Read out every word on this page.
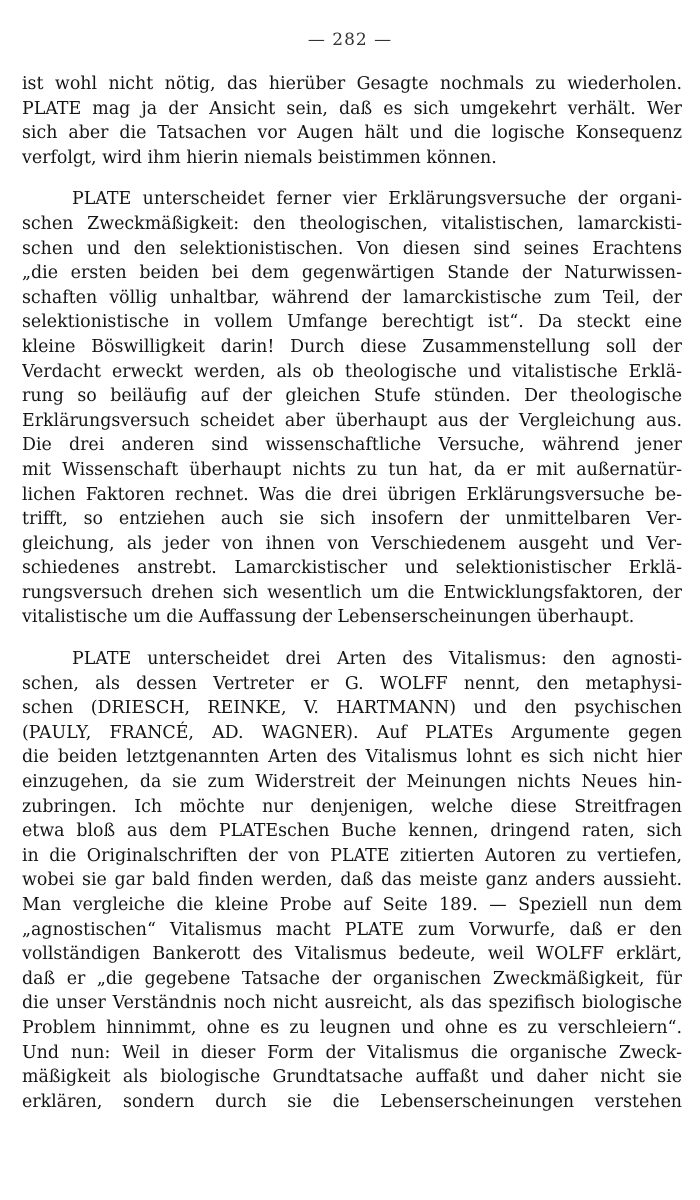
— 282 —
ist wohl nicht nötig, das hierüber Gesagte nochmals zu wiederholen.
PLATE mag ja der Ansicht sein, daß es sich umgekehrt verhält. Wer
sich aber die Tatsachen vor Augen hält und die logische Konsequenz
verfolgt, wird ihm hierin niemals beistimmen können.
PLATE unterscheidet ferner vier Erklärungsversuche der organi-
schen Zweckmäßigkeit: den theologischen, vitalistischen, lamarckisti-
schen und den selektionistischen. Von diesen sind seines Erachtens
„die ersten beiden bei dem gegenwärtigen Stande der Naturwissen-
schaften völlig unhaltbar, während der lamarckistische zum Teil, der
selektionistische in vollem Umfange berechtigt ist“. Da steckt eine
kleine Böswilligkeit darin! Durch diese Zusammenstellung soll der
Verdacht erweckt werden, als ob theologische und vitalistische Erklä-
rung so beiläufig auf der gleichen Stufe stünden. Der theologische
Erklärungsversuch scheidet aber überhaupt aus der Vergleichung aus.
Die drei anderen sind wissenschaftliche Versuche, während jener
mit Wissenschaft überhaupt nichts zu tun hat, da er mit außernatür-
lichen Faktoren rechnet. Was die drei übrigen Erklärungsversuche be-
trifft, so entziehen auch sie sich insofern der unmittelbaren Ver-
gleichung, als jeder von ihnen von Verschiedenem ausgeht und Ver-
schiedenes anstrebt. Lamarckistischer und selektionistischer Erklä-
rungsversuch drehen sich wesentlich um die Entwicklungsfaktoren, der
vitalistische um die Auffassung der Lebenserscheinungen überhaupt.
PLATE unterscheidet drei Arten des Vitalismus: den agnosti-
schen, als dessen Vertreter er G. WOLFF nennt, den metaphysi-
schen (DRIESCH, REINKE, V. HARTMANN) und den psychischen
(PAULY, FRANCÉ, AD. WAGNER). Auf PLATEs Argumente gegen
die beiden letztgenannten Arten des Vitalismus lohnt es sich nicht hier
einzugehen, da sie zum Widerstreit der Meinungen nichts Neues hin-
zubringen. Ich möchte nur denjenigen, welche diese Streitfragen
etwa bloß aus dem PLATEschen Buche kennen, dringend raten, sich
in die Originalschriften der von PLATE zitierten Autoren zu vertiefen,
wobei sie gar bald finden werden, daß das meiste ganz anders aussieht.
Man vergleiche die kleine Probe auf Seite 189. — Speziell nun dem
„agnostischen“ Vitalismus macht PLATE zum Vorwurfe, daß er den
vollständigen Bankerott des Vitalismus bedeute, weil WOLFF erklärt,
daß er „die gegebene Tatsache der organischen Zweckmäßigkeit, für
die unser Verständnis noch nicht ausreicht, als das spezifisch biologische
Problem hinnimmt, ohne es zu leugnen und ohne es zu verschleiern“.
Und nun: Weil in dieser Form der Vitalismus die organische Zweck-
mäßigkeit als biologische Grundtatsache auffaßt und daher nicht sie
erklären, sondern durch sie die Lebenserscheinungen verstehen
